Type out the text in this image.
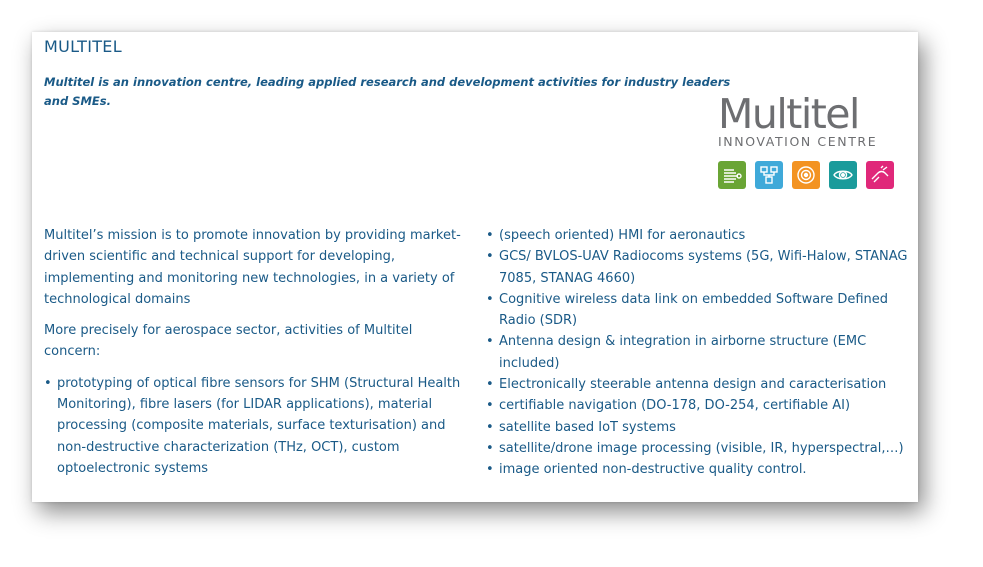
MULTITEL

Multitel is an innovation centre, leading applied research and development activities for industry leaders and SMEs.	Multitel
INNOVATION CENTRE

Multitel’s mission is to promote innovation by providing market-driven scientific and technical support for developing, implementing and monitoring new technologies, in a variety of technological domains

More precisely for aerospace sector, activities of Multitel concern:

• prototyping of optical fibre sensors for SHM (Structural Health Monitoring), fibre lasers (for LIDAR applications), material processing (composite materials, surface texturisation) and non-destructive characterization (THz, OCT), custom optoelectronic systems
• (speech oriented) HMI for aeronautics
• GCS/ BVLOS-UAV Radiocoms systems (5G, Wifi-Halow, STANAG 7085, STANAG 4660)
• Cognitive wireless data link on embedded Software Defined Radio (SDR)
• Antenna design & integration in airborne structure (EMC included)
• Electronically steerable antenna design and caracterisation
• certifiable navigation (DO-178, DO-254, certifiable AI)
• satellite based IoT systems
• satellite/drone image processing (visible, IR, hyperspectral,…)
• image oriented non-destructive quality control.
